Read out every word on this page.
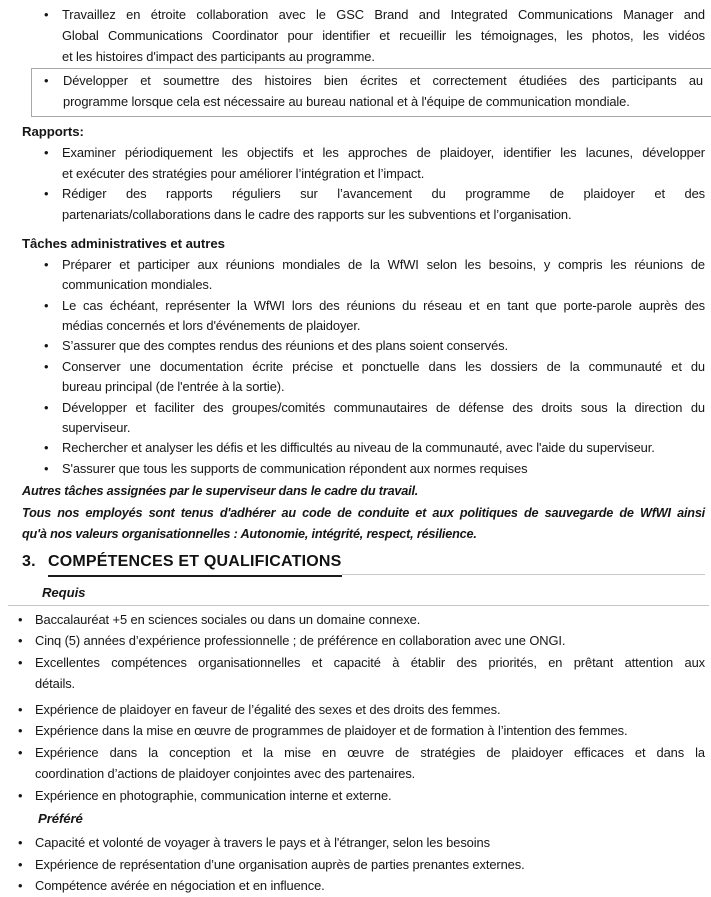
•	Travaillez en étroite collaboration avec le GSC Brand and Integrated Communications Manager and
Global Communications Coordinator pour identifier et recueillir les témoignages, les photos, les vidéos
et les histoires d'impact des participants au programme.
•	Développer et soumettre des histoires bien écrites et correctement étudiées des participants au
programme lorsque cela est nécessaire au bureau national et à l'équipe de communication mondiale.
Rapports:
•	Examiner périodiquement les objectifs et les approches de plaidoyer, identifier les lacunes, développer
et exécuter des stratégies pour améliorer l’intégration et l’impact.
•	Rédiger des rapports réguliers sur l’avancement du programme de plaidoyer et des
partenariats/collaborations dans le cadre des rapports sur les subventions et l’organisation.
Tâches administratives et autres
•	Préparer et participer aux réunions mondiales de la WfWI selon les besoins, y compris les réunions de
communication mondiales.
•	Le cas échéant, représenter la WfWI lors des réunions du réseau et en tant que porte-parole auprès des
médias concernés et lors d'événements de plaidoyer.
•	S’assurer que des comptes rendus des réunions et des plans soient conservés.
•	Conserver une documentation écrite précise et ponctuelle dans les dossiers de la communauté et du
bureau principal (de l'entrée à la sortie).
•	Développer et faciliter des groupes/comités communautaires de défense des droits sous la direction du
superviseur.
•	Rechercher et analyser les défis et les difficultés au niveau de la communauté, avec l'aide du superviseur.
•	S'assurer que tous les supports de communication répondent aux normes requises
Autres tâches assignées par le superviseur dans le cadre du travail.
Tous nos employés sont tenus d'adhérer au code de conduite et aux politiques de sauvegarde de WfWI ainsi
qu'à nos valeurs organisationnelles : Autonomie, intégrité, respect, résilience.
3. COMPÉTENCES ET QUALIFICATIONS
Requis
• Baccalauréat +5 en sciences sociales ou dans un domaine connexe.
• Cinq (5) années d’expérience professionnelle ; de préférence en collaboration avec une ONGI.
• Excellentes compétences organisationnelles et capacité à établir des priorités, en prêtant attention aux
détails.
• Expérience de plaidoyer en faveur de l’égalité des sexes et des droits des femmes.
• Expérience dans la mise en œuvre de programmes de plaidoyer et de formation à l’intention des femmes.
• Expérience dans la conception et la mise en œuvre de stratégies de plaidoyer efficaces et dans la
coordination d’actions de plaidoyer conjointes avec des partenaires.
• Expérience en photographie, communication interne et externe.
Préféré
• Capacité et volonté de voyager à travers le pays et à l'étranger, selon les besoins
• Expérience de représentation d’une organisation auprès de parties prenantes externes.
• Compétence avérée en négociation et en influence.
